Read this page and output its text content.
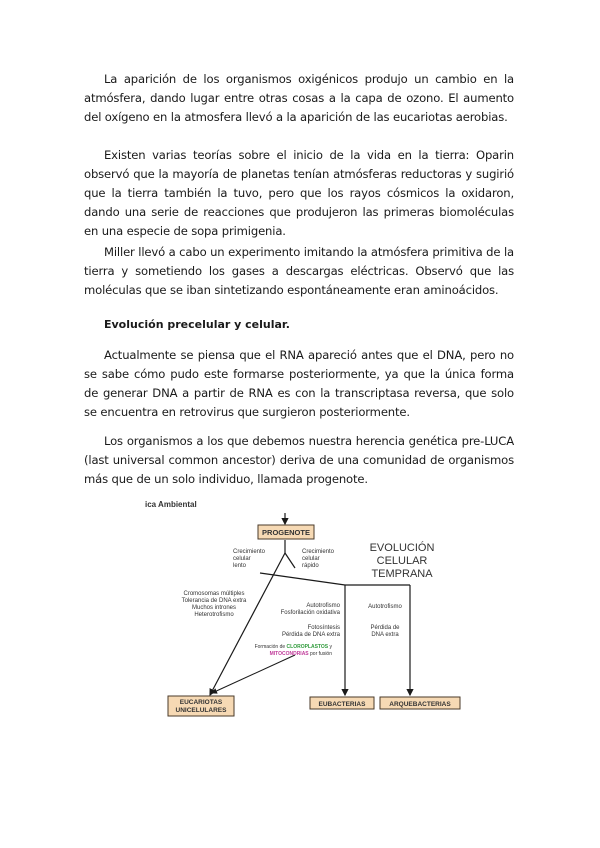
La aparición de los organismos oxigénicos produjo un cambio en la atmósfera, dando lugar entre otras cosas a la capa de ozono. El aumento del oxígeno en la atmosfera llevó a la aparición de las eucariotas aerobias.

Existen varias teorías sobre el inicio de la vida en la tierra: Oparin observó que la mayoría de planetas tenían atmósferas reductoras y sugirió que la tierra también la tuvo, pero que los rayos cósmicos la oxidaron, dando una serie de reacciones que produjeron las primeras biomoléculas en una especie de sopa primigenia.

Miller llevó a cabo un experimento imitando la atmósfera primitiva de la tierra y sometiendo los gases a descargas eléctricas. Observó que las moléculas que se iban sintetizando espontáneamente eran aminoácidos.

Evolución precelular y celular.

Actualmente se piensa que el RNA apareció antes que el DNA, pero no se sabe cómo pudo este formarse posteriormente, ya que la única forma de generar DNA a partir de RNA es con la transcriptasa reversa, que solo se encuentra en retrovirus que surgieron posteriormente.

Los organismos a los que debemos nuestra herencia genética pre-LUCA (last universal common ancestor) deriva de una comunidad de organismos más que de un solo individuo, llamada progenote.

ica Ambiental
PROGENOTE
EVOLUCIÓN
CELULAR
TEMPRANA
Crecimiento
celular
lento
Crecimiento
celular
rápido
Cromosomas múltiples
Tolerancia de DNA extra
Muchos intrones
Heterotrofismo
Autotrofismo
Fosforilación oxidativa
Fotosíntesis
Pérdida de DNA extra
Autotrofismo
Pérdida de
DNA extra
Formación de CLOROPLASTOS y
MITOCONDRIAS por fusión
EUCARIOTAS
UNICELULARES
EUBACTERIAS	ARQUEBACTERIAS
